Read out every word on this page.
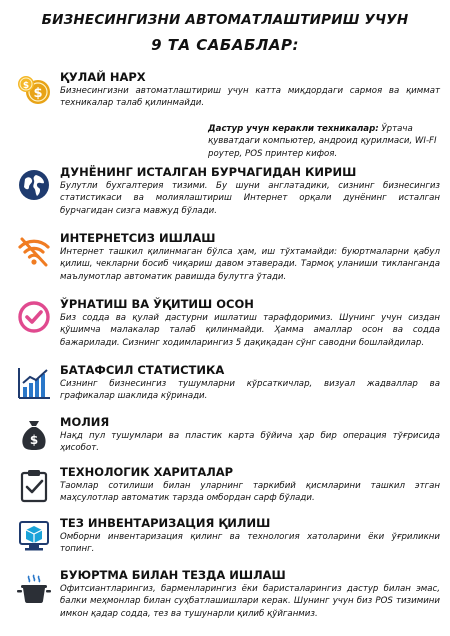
БИЗНЕСИНГИЗНИ АВТОМАТЛАШТИРИШ УЧУН
9 ТА САБАБЛАР:
$
$
ҚУЛАЙ НАРХ
Бизнесингизни автоматлаштириш учун катта миқдордаги сармоя ва қиммат техникалар талаб қилинмайди.
Дастур учун керакли техникалар: Ўртача қувватдаги компьютер, андроид қурилмаси, WI-FI роутер, POS принтер кифоя.
ДУНЁНИНГ ИСТАЛГАН БУРЧАГИДАН КИРИШ
Булутли бухгалтерия тизими. Бу шуни англатадики, сизнинг бизнесингиз статистикаси ва молиялаштириш Интернет орқали дунёнинг исталган бурчагидан сизга мавжуд бўлади.
ИНТЕРНЕТСИЗ ИШЛАШ
Интернет ташкил қилинмаган бўлса ҳам, иш тўхтамайди: буюртмаларни қабул қилиш, чекларни босиб чиқариш давом этаверади. Тармоқ уланиши тикланганда маълумотлар автоматик равишда булутга ўтади.
ЎРНАТИШ ВА ЎҚИТИШ ОСОН
Биз содда ва қулай дастурни ишлатиш тарафдоримиз. Шунинг учун сиздан қўшимча малакалар талаб қилинмайди. Ҳамма амаллар осон ва содда бажарилади. Сизнинг ходимларингиз 5 дақиқадан сўнг саводни бошлайдилар.
БАТАФСИЛ СТАТИСТИКА
Сизнинг бизнесингиз тушумларни кўрсаткичлар, визуал жадваллар ва графикалар шаклида кўринади.
$
МОЛИЯ
Нақд пул тушумлари ва пластик карта бўйича ҳар бир операция тўғрисида ҳисобот.
ТЕХНОЛОГИК ХАРИТАЛАР
Таомлар сотилиши билан уларнинг таркибий қисмларини ташкил этган маҳсулотлар автоматик тарзда омбордан сарф бўлади.
ТЕЗ ИНВЕНТАРИЗАЦИЯ ҚИЛИШ
Омборни инвентаризация қилинг ва технология хатоларини ёки ўғриликни топинг.
БУЮРТМА БИЛАН ТЕЗДА ИШЛАШ
Офитсиантларингиз, барменларингиз ёки бaристаларингиз дастур билан эмас, балки меҳмонлар билан суҳбатлашишлари керак. Шунинг учун биз POS тизимини имкон қадар содда, тез ва тушунарли қилиб қўйганмиз.
